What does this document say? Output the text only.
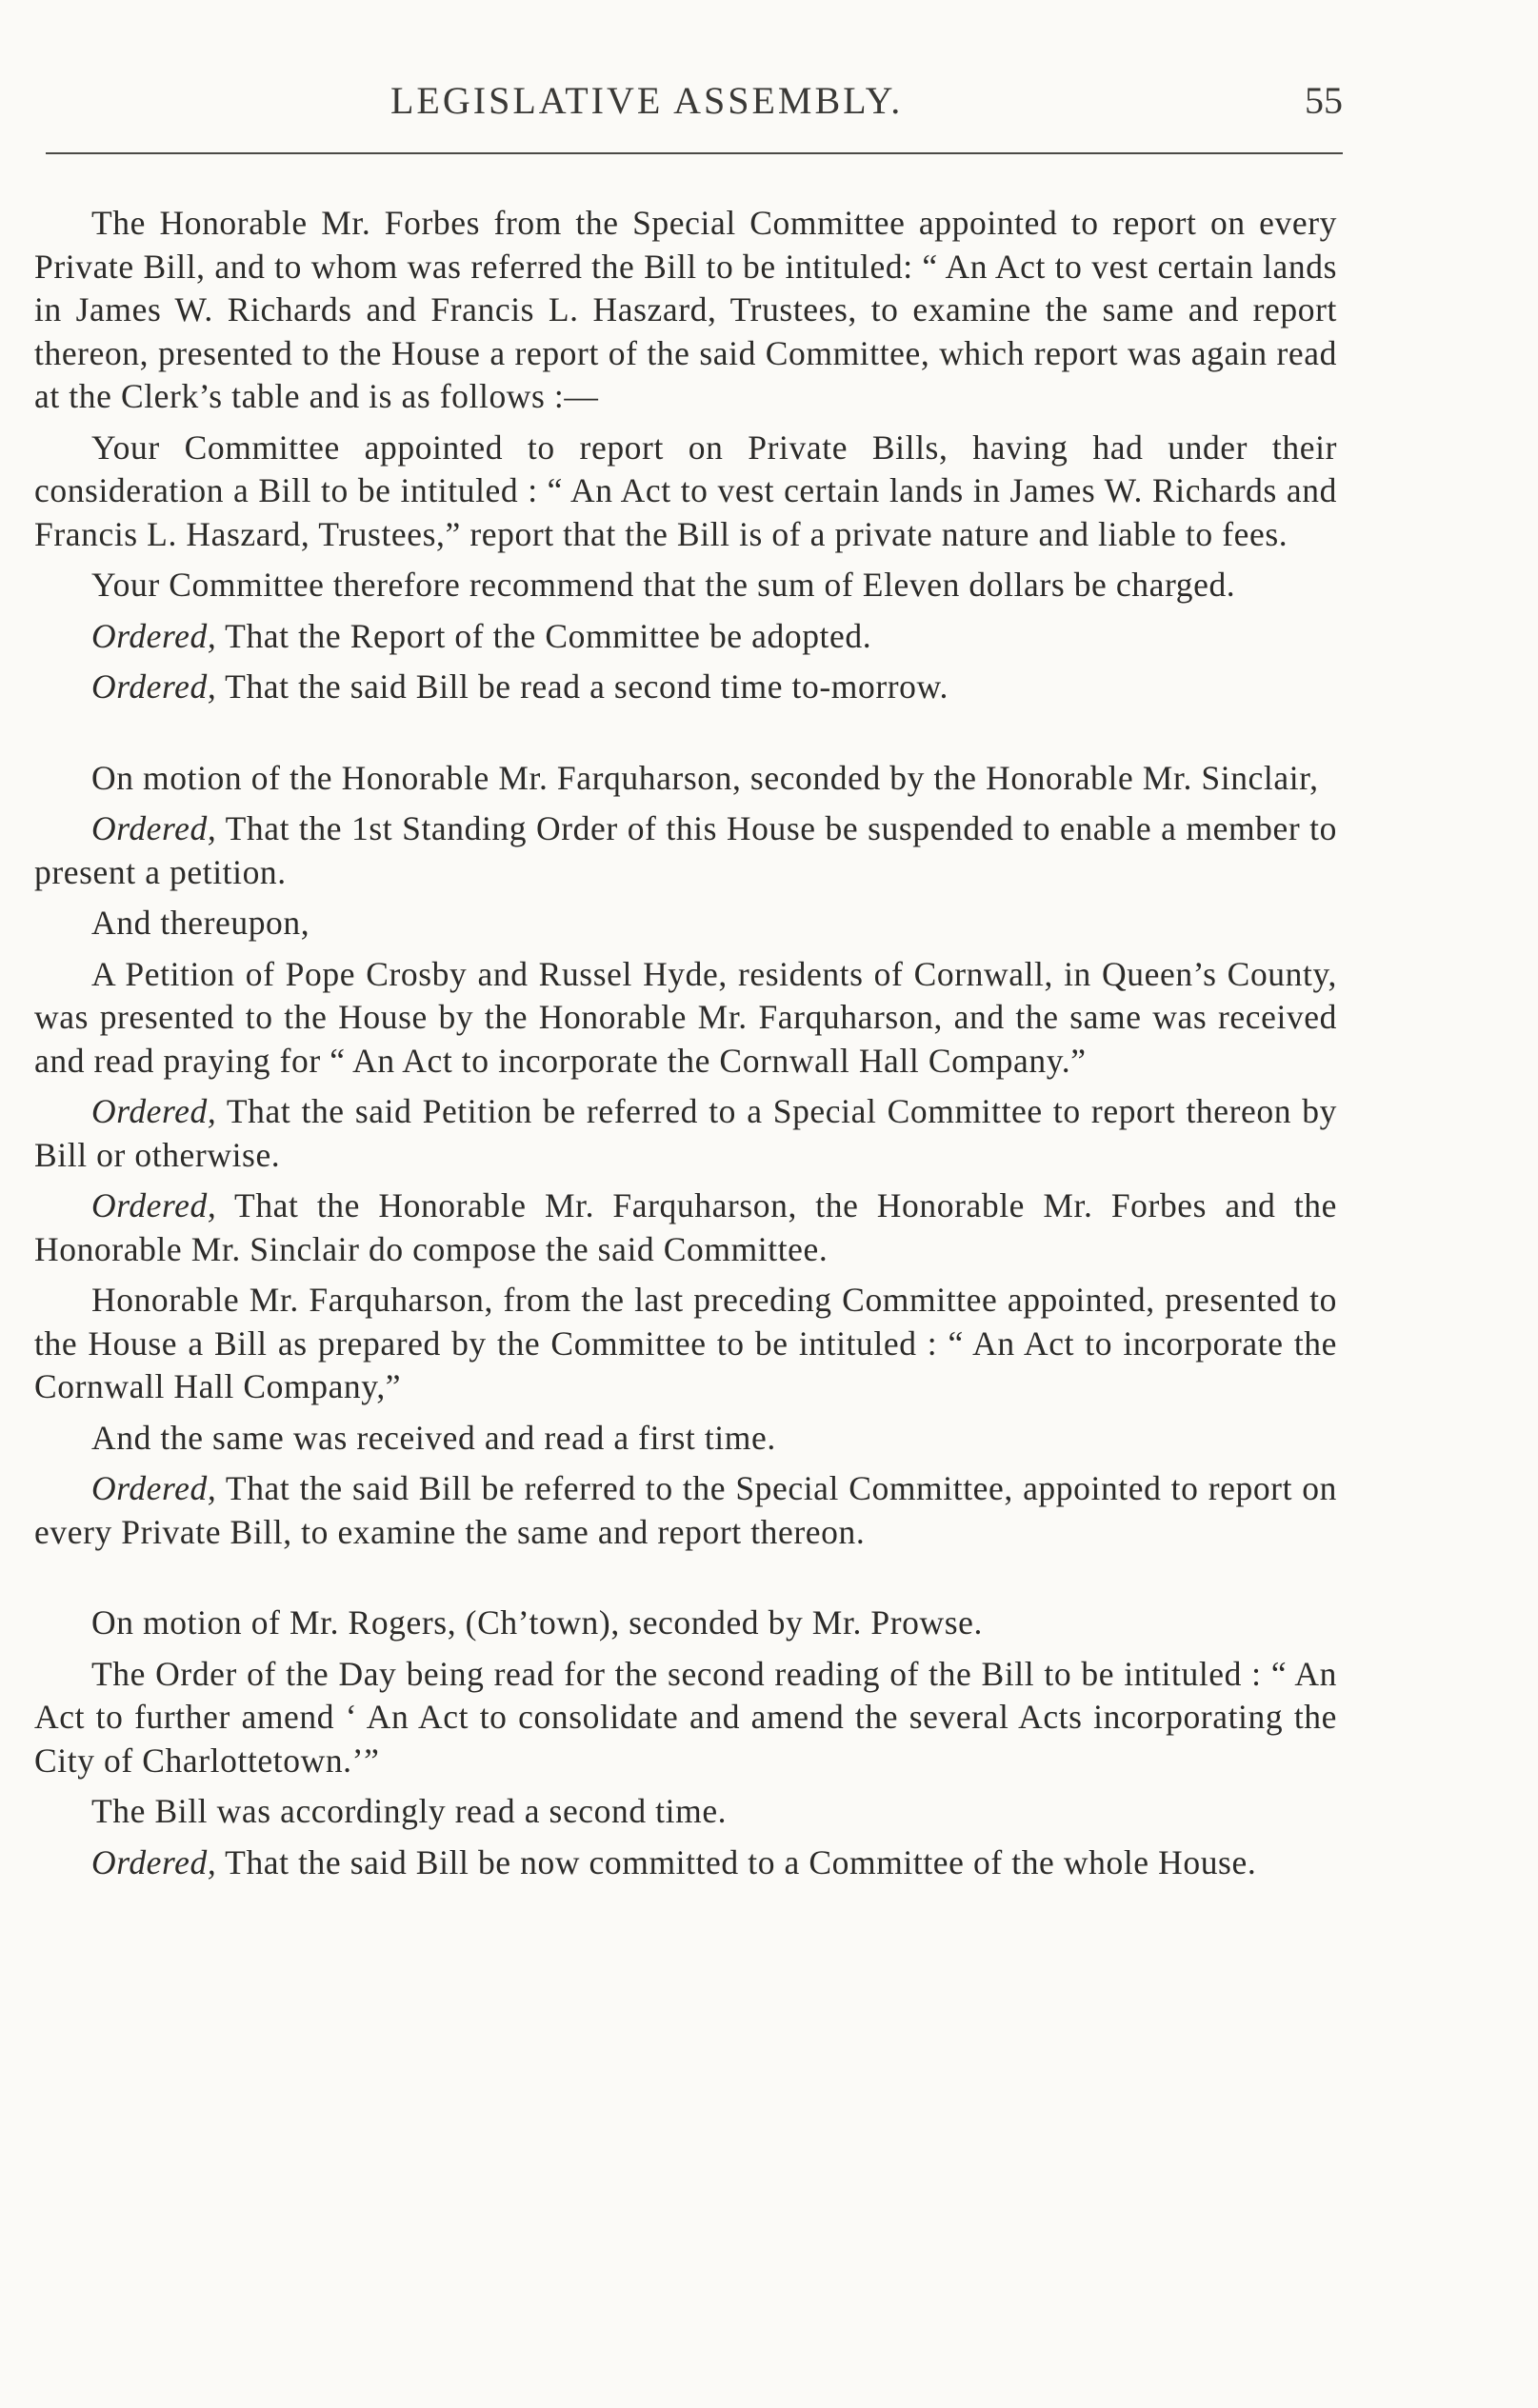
LEGISLATIVE ASSEMBLY.	55

The Honorable Mr. Forbes from the Special Committee appointed to report on every Private Bill, and to whom was referred the Bill to be intituled: “ An Act to vest certain lands in James W. Richards and Francis L. Haszard, Trustees, to examine the same and report thereon, presented to the House a report of the said Committee, which report was again read at the Clerk’s table and is as follows :—

Your Committee appointed to report on Private Bills, having had under their consideration a Bill to be intituled : “ An Act to vest certain lands in James W. Richards and Francis L. Haszard, Trustees,” report that the Bill is of a private nature and liable to fees.

Your Committee therefore recommend that the sum of Eleven dollars be charged.

Ordered, That the Report of the Committee be adopted.

Ordered, That the said Bill be read a second time to-morrow.

On motion of the Honorable Mr. Farquharson, seconded by the Honorable Mr. Sinclair,

Ordered, That the 1st Standing Order of this House be suspended to enable a member to present a petition.

And thereupon,

A Petition of Pope Crosby and Russel Hyde, residents of Cornwall, in Queen’s County, was presented to the House by the Honorable Mr. Farquharson, and the same was received and read praying for “ An Act to incorporate the Cornwall Hall Company.”

Ordered, That the said Petition be referred to a Special Committee to report thereon by Bill or otherwise.

Ordered, That the Honorable Mr. Farquharson, the Honorable Mr. Forbes and the Honorable Mr. Sinclair do compose the said Committee.

Honorable Mr. Farquharson, from the last preceding Committee appointed, presented to the House a Bill as prepared by the Committee to be intituled : “ An Act to incorporate the Cornwall Hall Company,”

And the same was received and read a first time.

Ordered, That the said Bill be referred to the Special Committee, appointed to report on every Private Bill, to examine the same and report thereon.

On motion of Mr. Rogers, (Ch’town), seconded by Mr. Prowse.

The Order of the Day being read for the second reading of the Bill to be intituled : “ An Act to further amend ‘ An Act to consolidate and amend the several Acts incorporating the City of Charlottetown.’”

The Bill was accordingly read a second time.

Ordered, That the said Bill be now committed to a Committee of the whole House.
